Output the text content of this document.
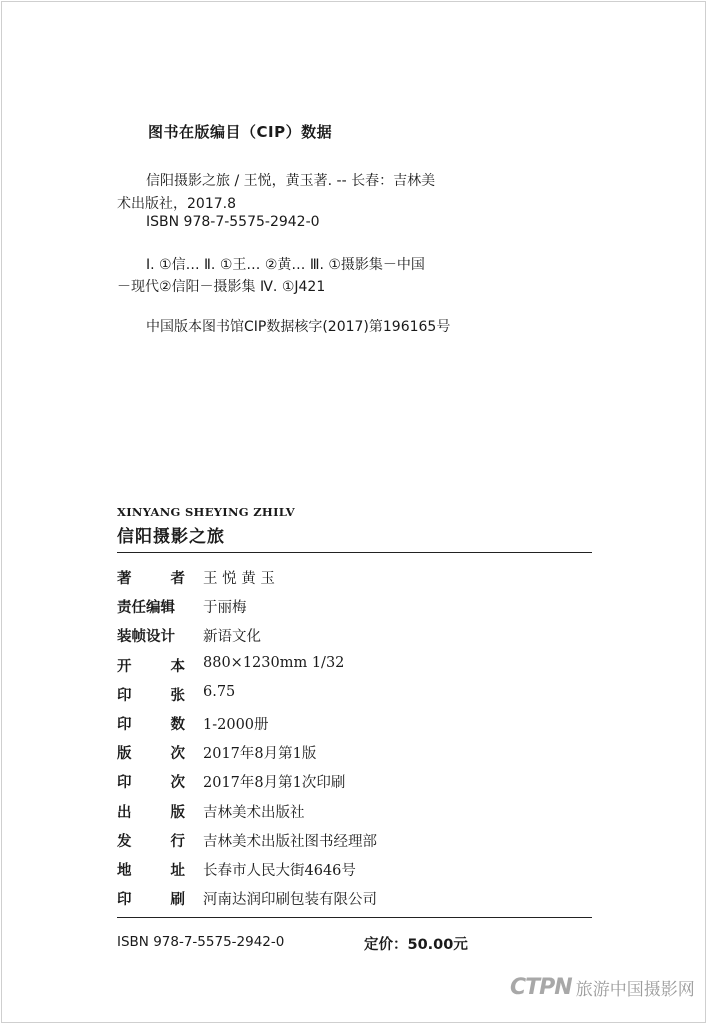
图书在版编目（CIP）数据
信阳摄影之旅 / 王悦，黄玉著. -- 长春：吉林美
术出版社，2017.8
ISBN 978-7-5575-2942-0
Ⅰ. ①信… Ⅱ. ①王… ②黄… Ⅲ. ①摄影集－中国
－现代②信阳－摄影集 Ⅳ. ①J421
中国版本图书馆CIP数据核字(2017)第196165号
XINYANG SHEYING ZHILV
信阳摄影之旅
著	者 王 悦 黄 玉
责任编辑 于丽梅
装帧设计 新语文化
开	本 880×1230mm 1/32
印	张 6.75
印	数 1-2000册
版	次 2017年8月第1版
印	次 2017年8月第1次印刷
出	版 吉林美术出版社
发	行 吉林美术出版社图书经理部
地	址 长春市人民大街4646号
印	刷 河南达润印刷包装有限公司
ISBN 978-7-5575-2942-0	定价：50.00元
CTPN 旅游中国摄影网
